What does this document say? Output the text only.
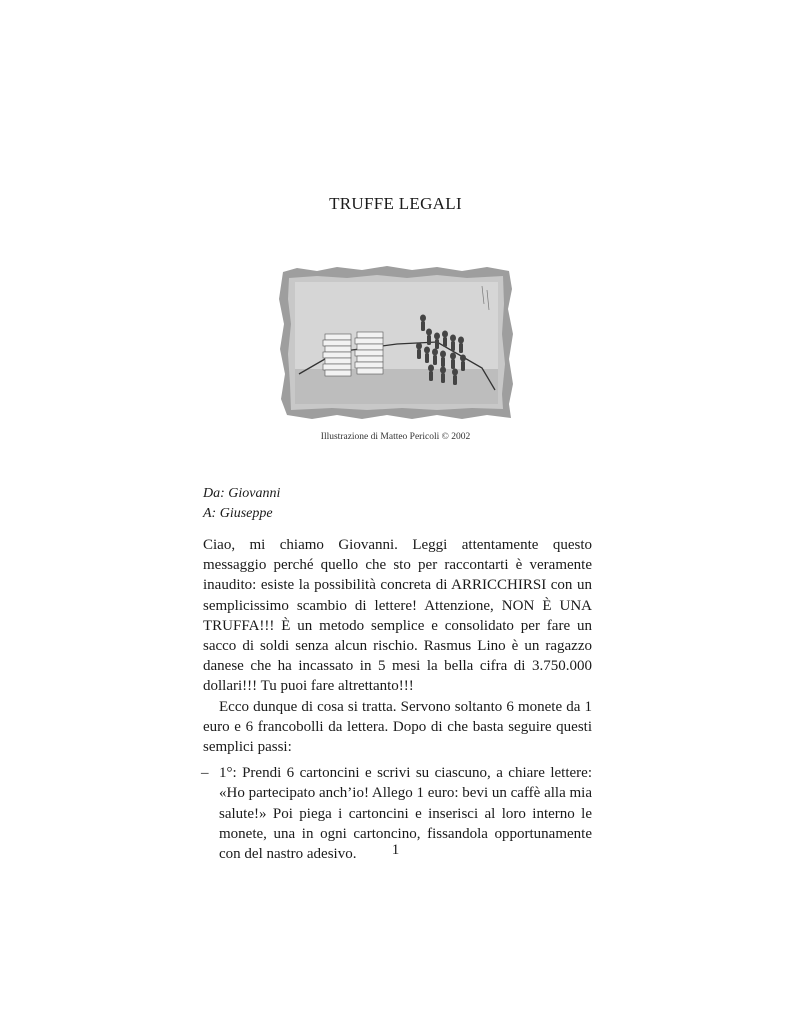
TRUFFE LEGALI
Illustrazione di Matteo Pericoli © 2002
Da: Giovanni
A: Giuseppe

Ciao, mi chiamo Giovanni. Leggi attentamente questo messaggio perché quello che sto per raccontarti è veramente inaudito: esiste la possibilità concreta di ARRICCHIRSI con un semplicissimo scambio di lettere! Attenzione, NON È UNA TRUFFA!!! È un metodo semplice e consolidato per fare un sacco di soldi senza alcun rischio. Rasmus Lino è un ragazzo danese che ha incassato in 5 mesi la bella cifra di 3.750.000 dollari!!! Tu puoi fare altrettanto!!!

Ecco dunque di cosa si tratta. Servono soltanto 6 monete da 1 euro e 6 francobolli da lettera. Dopo di che basta seguire questi semplici passi:

– 1°: Prendi 6 cartoncini e scrivi su ciascuno, a chiare lettere: «Ho partecipato anch’io! Allego 1 euro: bevi un caffè alla mia salute!» Poi piega i cartoncini e inserisci al loro interno le monete, una in ogni cartoncino, fissandola opportunamente con del nastro adesivo.	1
